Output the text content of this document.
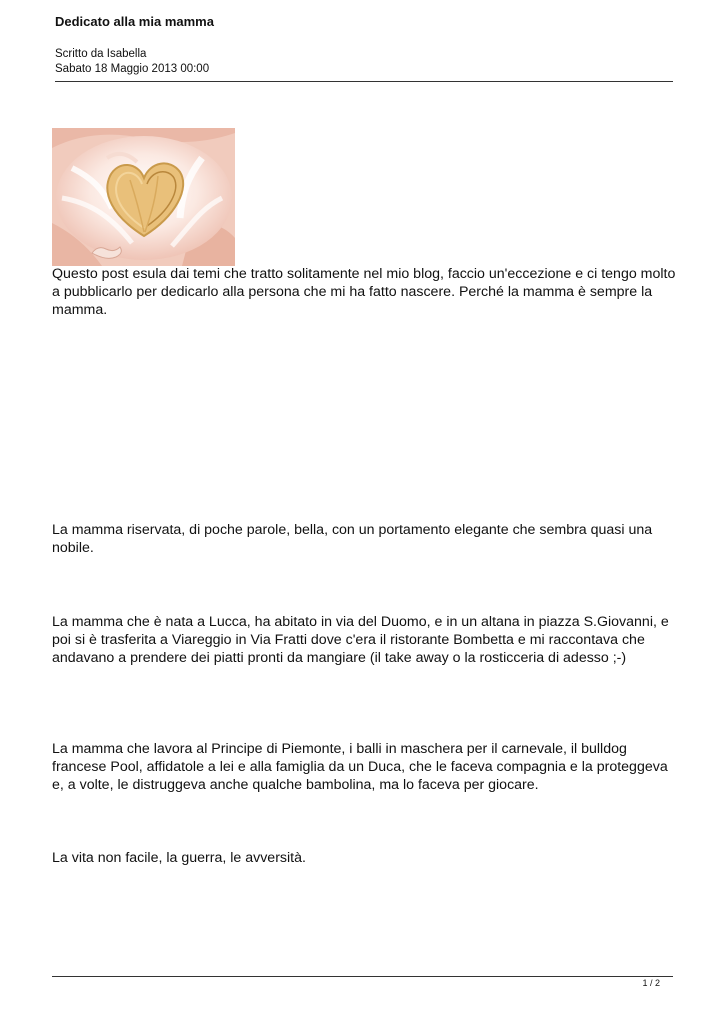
Dedicato alla mia mamma
Scritto da Isabella
Sabato 18 Maggio 2013 00:00

Questo post esula dai temi che tratto solitamente nel mio blog, faccio un'eccezione e ci tengo molto a pubblicarlo per dedicarlo alla persona che mi ha fatto nascere. Perché la mamma è sempre la mamma.

La mamma riservata, di poche parole, bella, con un portamento elegante che sembra quasi una nobile.

La mamma che è nata a Lucca, ha abitato in via del Duomo, e in un altana in piazza S.Giovanni, e poi si è trasferita a Viareggio in Via Fratti dove c'era il ristorante Bombetta e mi raccontava che andavano a prendere dei piatti pronti da mangiare (il take away o la rosticceria di adesso ;-)

La mamma che lavora al Principe di Piemonte, i balli in maschera per il carnevale, il bulldog francese Pool, affidatole a lei e alla famiglia da un Duca, che le faceva compagnia e la proteggeva e, a volte, le distruggeva anche qualche bambolina, ma lo faceva per giocare.

La vita non facile, la guerra, le avversità.

1 / 2
